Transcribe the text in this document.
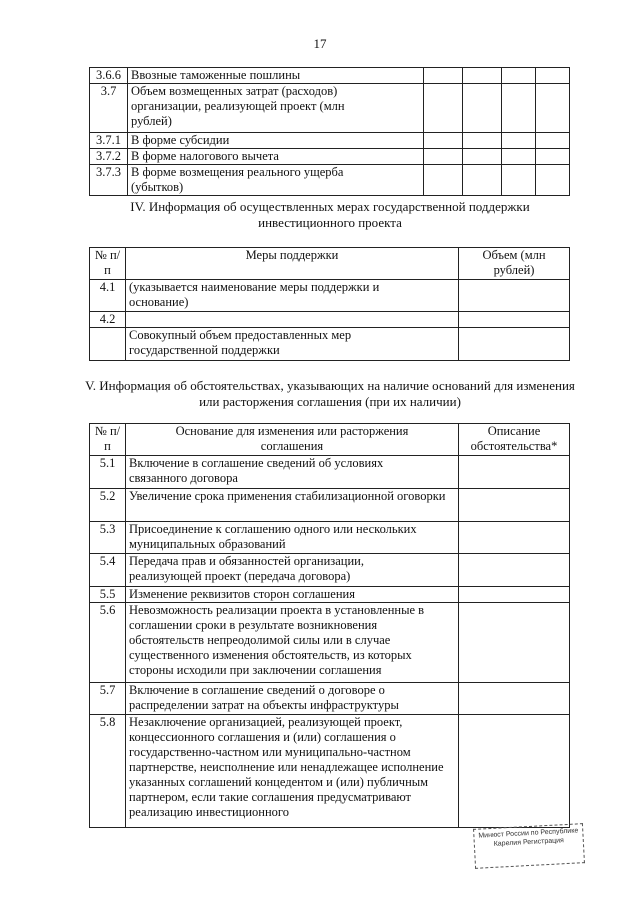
17
3.6.6	Ввозные таможенные пошлины				
3.7	Объем возмещенных затрат (расходов) организации, реализующей проект (млн рублей)				
3.7.1	В форме субсидии				
3.7.2	В форме налогового вычета				
3.7.3	В форме возмещения реального ущерба (убытков)				
IV. Информация об осуществленных мерах государственной поддержки инвестиционного проекта
№ п/п	Меры поддержки	Объем (млн рублей)
4.1	(указывается наименование меры поддержки и основание)	
4.2		
	Совокупный объем предоставленных мер государственной поддержки	
V. Информация об обстоятельствах, указывающих на наличие оснований для изменения или расторжения соглашения (при их наличии)
№ п/п	Основание для изменения или расторжения соглашения	Описание обстоятельства*
5.1	Включение в соглашение сведений об условиях связанного договора	
5.2	Увеличение срока применения стабилизационной оговорки	
5.3	Присоединение к соглашению одного или нескольких муниципальных образований	
5.4	Передача прав и обязанностей организации, реализующей проект (передача договора)	
5.5	Изменение реквизитов сторон соглашения	
5.6	Невозможность реализации проекта в установленные в соглашении сроки в результате возникновения обстоятельств непреодолимой силы или в случае существенного изменения обстоятельств, из которых стороны исходили при заключении соглашения	
5.7	Включение в соглашение сведений о договоре о распределении затрат на объекты инфраструктуры	
5.8	Незаключение организацией, реализующей проект, концессионного соглашения и (или) соглашения о государственно-частном или муниципально-частном партнерстве, неисполнение или ненадлежащее исполнение указанных соглашений концедентом и (или) публичным партнером, если такие соглашения предусматривают реализацию инвестиционного	
Минюст России по Республике Карелия Регистрация
